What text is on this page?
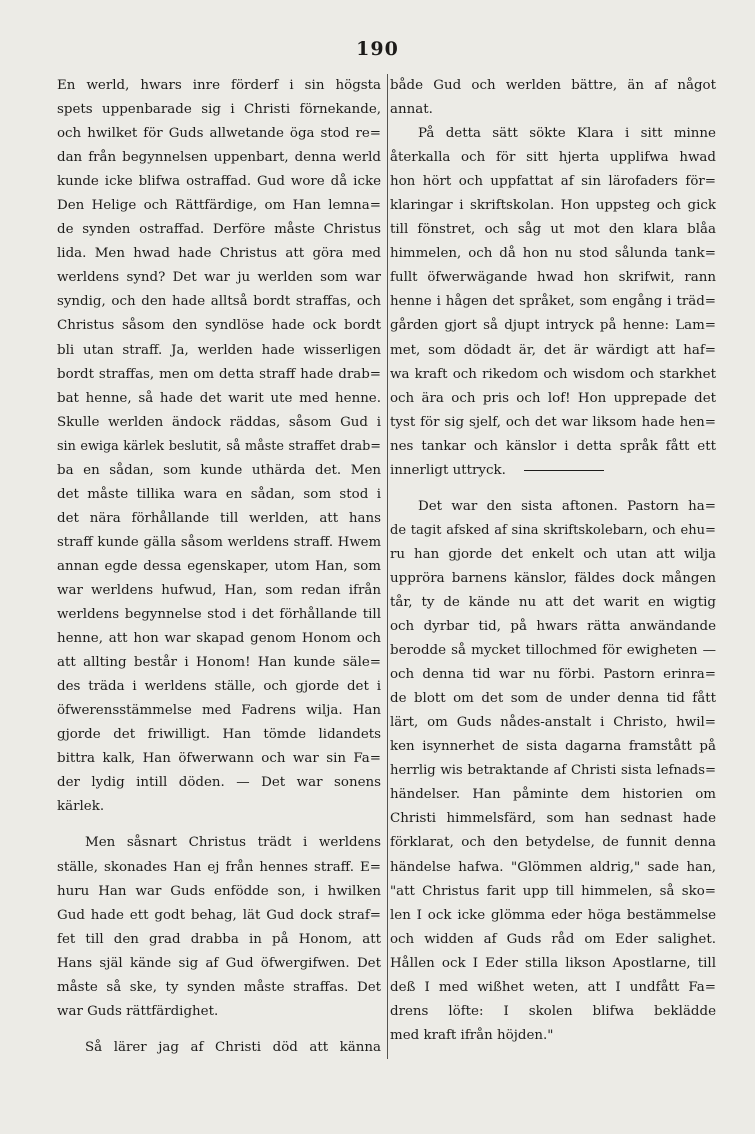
190
En werld, hwars inre förderf i sin högsta
spets uppenbarade sig i Christi förnekande,
och hwilket för Guds allwetande öga stod re=
dan från begynnelsen uppenbart, denna werld
kunde icke blifwa ostraffad. Gud wore då icke
Den Helige och Rättfärdige, om Han lemna=
de synden ostraffad. Derföre måste Christus
lida. Men hwad hade Christus att göra med
werldens synd? Det war ju werlden som war
syndig, och den hade alltså bordt straffas, och
Christus såsom den syndlöse hade ock bordt
bli utan straff. Ja, werlden hade wisserligen
bordt straffas, men om detta straff hade drab=
bat henne, så hade det warit ute med henne.
Skulle werlden ändock räddas, såsom Gud i
sin ewiga kärlek beslutit, så måste straffet drab=
ba en sådan, som kunde uthärda det. Men
det måste tillika wara en sådan, som stod i
det nära förhållande till werlden, att hans
straff kunde gälla såsom werldens straff. Hwem
annan egde dessa egenskaper, utom Han, som
war werldens hufwud, Han, som redan ifrån
werldens begynnelse stod i det förhållande till
henne, att hon war skapad genom Honom och
att allting består i Honom! Han kunde säle=
des träda i werldens ställe, och gjorde det i
öfwerensstämmelse med Fadrens wilja. Han
gjorde det friwilligt. Han tömde lidandets
bittra kalk, Han öfwerwann och war sin Fa=
der lydig intill döden. — Det war sonens
kärlek.
Men såsnart Christus trädt i werldens
ställe, skonades Han ej från hennes straff. E=
huru Han war Guds enfödde son, i hwilken
Gud hade ett godt behag, lät Gud dock straf=
fet till den grad drabba in på Honom, att
Hans själ kände sig af Gud öfwergifwen. Det
måste så ske, ty synden måste straffas. Det
war Guds rättfärdighet.
Så lärer jag af Christi död att känna
både Gud och werlden bättre, än af något
annat.
På detta sätt sökte Klara i sitt minne
återkalla och för sitt hjerta upplifwa hwad
hon hört och uppfattat af sin lärofaders för=
klaringar i skriftskolan. Hon uppsteg och gick
till fönstret, och såg ut mot den klara blåa
himmelen, och då hon nu stod sålunda tank=
fullt öfwerwägande hwad hon skrifwit, rann
henne i hågen det språket, som engång i träd=
gården gjort så djupt intryck på henne: Lam=
met, som dödadt är, det är wärdigt att haf=
wa kraft och rikedom och wisdom och starkhet
och ära och pris och lof! Hon upprepade det
tyst för sig sjelf, och det war liksom hade hen=
nes tankar och känslor i detta språk fått ett
innerligt uttryck.
Det war den sista aftonen. Pastorn ha=
de tagit afsked af sina skriftskolebarn, och ehu=
ru han gjorde det enkelt och utan att wilja
uppröra barnens känslor, fäldes dock mången
tår, ty de kände nu att det warit en wigtig
och dyrbar tid, på hwars rätta anwändande
berodde så mycket tillochmed för ewigheten —
och denna tid war nu förbi. Pastorn erinra=
de blott om det som de under denna tid fått
lärt, om Guds nådes-anstalt i Christo, hwil=
ken isynnerhet de sista dagarna framstått på
herrlig wis betraktande af Christi sista lefnads=
händelser. Han påminte dem historien om
Christi himmelsfärd, som han sednast hade
förklarat, och den betydelse, de funnit denna
händelse hafwa. "Glömmen aldrig," sade han,
"att Christus farit upp till himmelen, så sko=
len I ock icke glömma eder höga bestämmelse
och widden af Guds råd om Eder salighet.
Hållen ock I Eder stilla likson Apostlarne, till
deß I med wißhet weten, att I undfått Fa=
drens löfte: I skolen blifwa beklädde
med kraft ifrån höjden."
